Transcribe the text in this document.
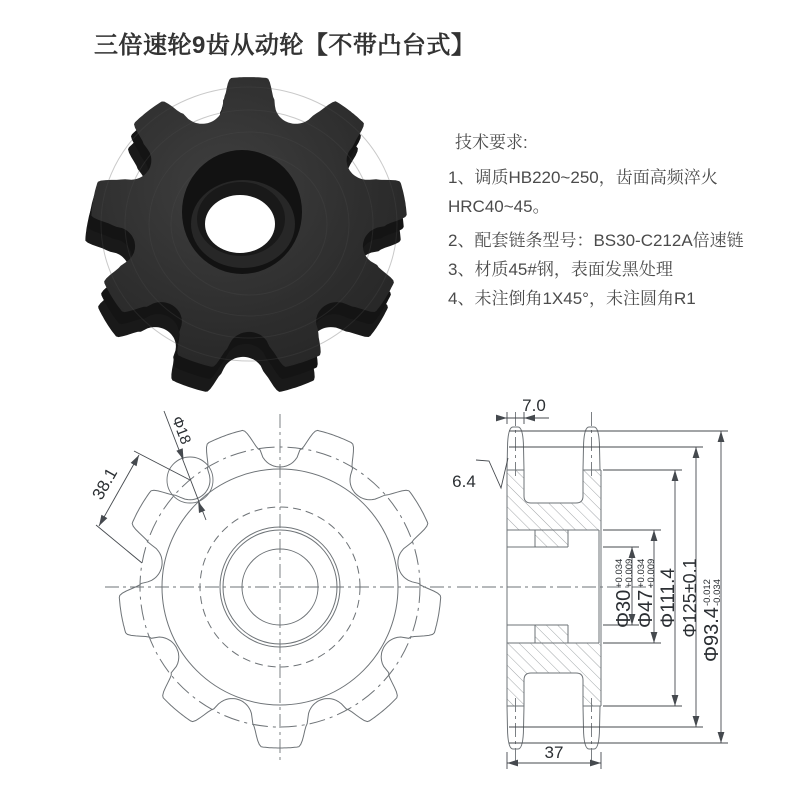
三倍速轮9齿从动轮【不带凸台式】
技术要求:
1、调质HB220~250，齿面高频淬火
HRC40~45。
2、配套链条型号：BS30-C212A倍速链
3、材质45#钢，表面发黑处理
4、未注倒角1X45°，未注圆角R1
Φ18
38.1
7.0
6.4
37
Φ30
+0.034 +0.009
Φ47
+0.034 +0.009 Φ111.4 Φ125±0.1 Φ93.4
-0.012 -0.034
